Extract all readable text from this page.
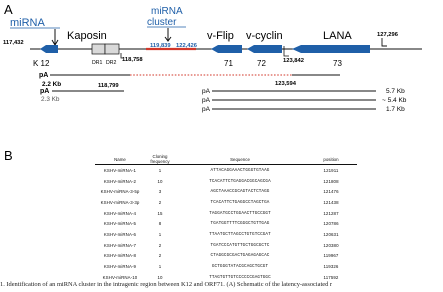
A
miRNA
miRNA
cluster
Kaposin	v-Flip v-cyclin	LANA
117,432	119,839 122,426
127,296
K 12	DR1 DR2 118,758	71	72	123,842	73
pA
2.2 Kb	123,594
pA
118,799
2.3 Kb
pA	5.7 Kb
pA	~ 5.4 Kb
pA	1.7 Kb
B	Name	Cloning frequency	Sequence	position
KSHV-miRNA-1	1	ATTACAGGAAACTGGGTGTAAG	121911
KSHV-miRNA-2	10	TCACATTCTGAGGACGGCAGCGA	121808
KSHV-miRNA-3-5p	3	AGCTAAACCGCAGTACTCTAGG	121476
KSHV-miRNA-3-3p	2	TCACATTCTGAGGCCTAGCTGA	121438
KSHV-miRNA-4	15	TAGGATGCCTGGAACTTGCCGGT	121287
KSHV-miRNA-5	8	TGATGGTTTTCGGGCTGTTGAG	120786
KSHV-miRNA-6	1	TTAATGCTTAGCCTGTGTCCGAT	120631
KSHV-miRNA-7	2	TGATCCCATGTTGCTGGCGCTC	120380
KSHV-miRNA-8	2	CTAGGCGCGACTGAGAGAGCAC	119967
KSHV-miRNA-9	1	GCTGGGTATACGCAGCTGCGT	119326
KSHV-miRNA-10	10	TTAGTGTTGTCCCCCCGAGTGGC	117592
1. Identification of an miRNA cluster in the intragenic region between K12 and ORF71. (A) Schematic of the latency-associated r
